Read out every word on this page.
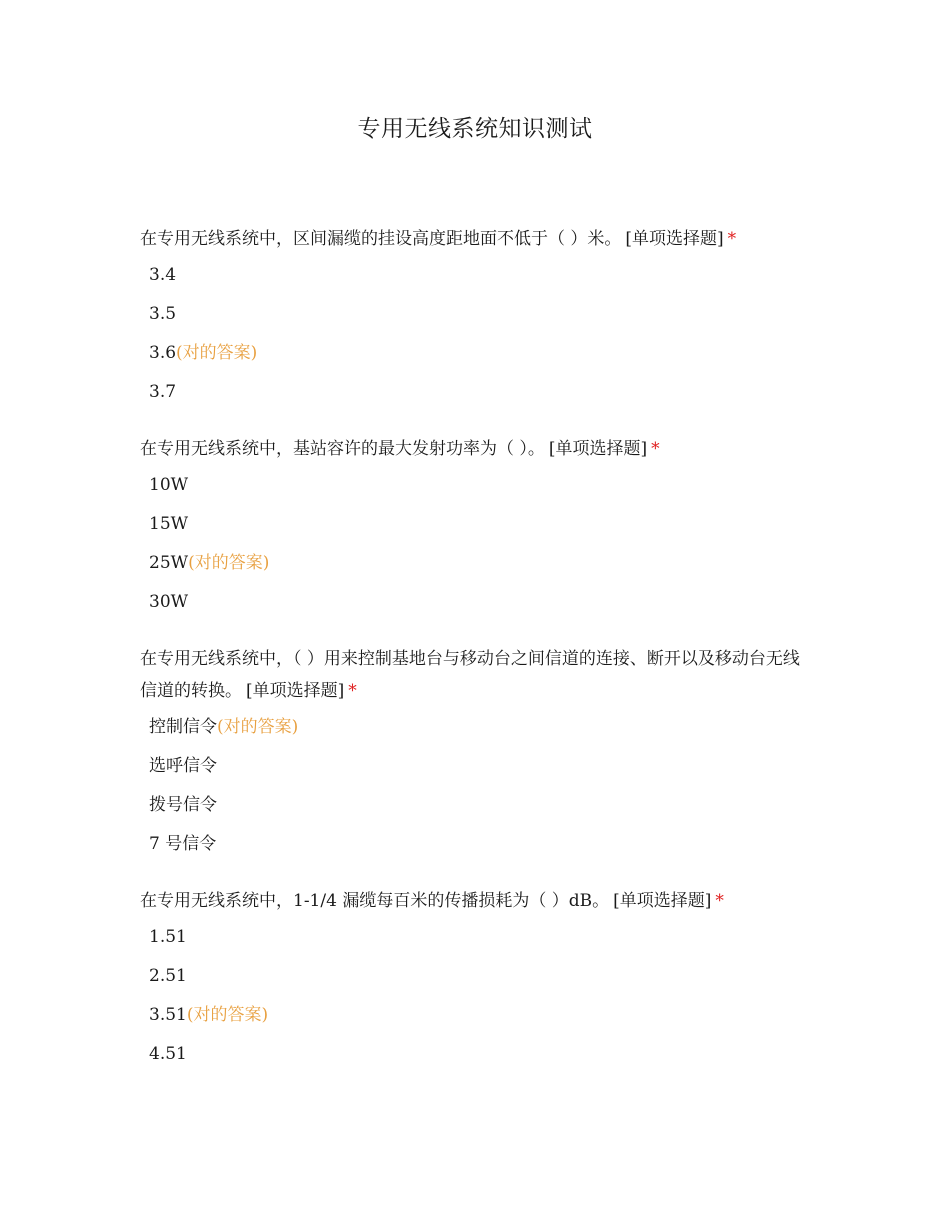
专用无线系统知识测试

在专用无线系统中，区间漏缆的挂设高度距地面不低于（ ）米。 [单项选择题] *

3.4
3.5
3.6(对的答案)
3.7

在专用无线系统中，基站容许的最大发射功率为（ ）。 [单项选择题] *

10W
15W
25W(对的答案)
30W

在专用无线系统中，（ ）用来控制基地台与移动台之间信道的连接、断开以及移动台无线信道的转换。 [单项选择题] *

控制信令(对的答案)
选呼信令
拨号信令
7 号信令

在专用无线系统中，1-1/4 漏缆每百米的传播损耗为（ ）dB。 [单项选择题] *

1.51
2.51
3.51(对的答案)
4.51
